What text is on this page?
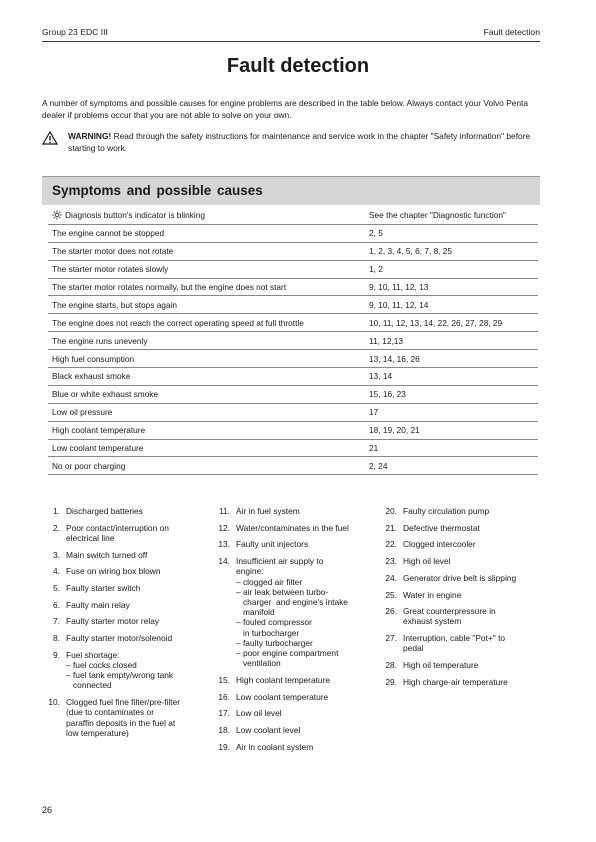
Group 23 EDC III	Fault detection
Fault detection
A number of symptoms and possible causes for engine problems are described in the table below. Always contact your Volvo Penta dealer if problems occur that you are not able to solve on your own.
WARNING! Read through the safety instructions for maintenance and service work in the chapter "Safety information" before starting to work.
Symptoms and possible causes
Diagnosis button's indicator is blinking	See the chapter "Diagnostic function"
The engine cannot be stopped	2, 5
The starter motor does not rotate	1, 2, 3, 4, 5, 6, 7, 8, 25
The starter motor rotates slowly	1, 2
The starter motor rotates normally, but the engine does not start	9, 10, 11, 12, 13
The engine starts, but stops again	9, 10, 11, 12, 14
The engine does not reach the correct operating speed at full throttle	10, 11, 12, 13, 14, 22, 26, 27, 28, 29
The engine runs unevenly	11, 12,13
High fuel consumption	13, 14, 16, 26
Black exhaust smoke	13, 14
Blue or white exhaust smoke	15, 16, 23
Low oil pressure	17
High coolant temperature	18, 19, 20, 21
Low coolant temperature	21
No or poor charging	2, 24
1. Discharged batteries
2. Poor contact/interruption on
electrical line
3. Main switch turned off
4. Fuse on wiring box blown
5. Faulty starter switch
6. Faulty main relay
7. Faulty starter motor relay
8. Faulty starter motor/solenoid
9. Fuel shortage:
– fuel cocks closed
– fuel tank empty/wrong tank
connected
10. Clogged fuel fine filter/pre-filter
(due to contaminates or
paraffin deposits in the fuel at
low temperature)
11. Air in fuel system
12. Water/contaminates in the fuel
13. Faulty unit injectors
14. Insufficient air supply to
engine:
– clogged air filter
– air leak between turbo-
charger  and engine's intake
manifold
– fouled compressor
in turbocharger
– faulty turbocharger
– poor engine compartment
ventilation
15. High coolant temperature
16. Low coolant temperature
17. Low oil level
18. Low coolant level
19. Air in coolant system
20. Faulty circulation pump
21. Defective thermostat
22. Clogged intercooler
23. High oil level
24. Generator drive belt is slipping
25. Water in engine
26. Great counterpressure in
exhaust system
27. Interruption, cable "Pot+" to
pedal
28. High oil temperature
29. High charge-air temperature
26
